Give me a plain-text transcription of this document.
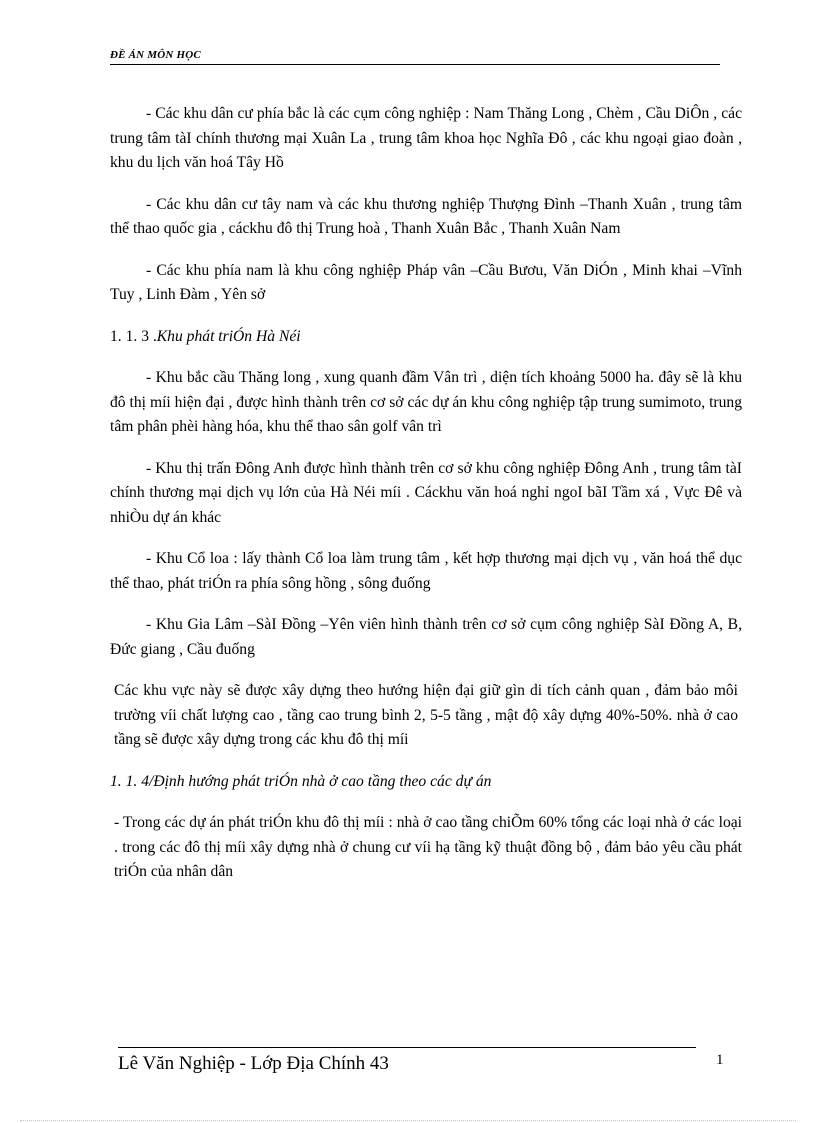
ĐỀ ÁN MÔN HỌC

- Các khu dân cư phía bắc là các cụm công nghiệp : Nam Thăng Long , Chèm , Cầu DiÔn , các trung tâm tàI chính thương mại Xuân La , trung tâm khoa học Nghĩa Đô , các khu ngoại giao đoàn , khu du lịch văn hoá Tây Hồ

- Các khu dân cư tây nam và các khu thương nghiệp Thượng Đình –Thanh Xuân , trung tâm thể thao quốc gia , cáckhu đô thị Trung hoà , Thanh Xuân Bắc , Thanh Xuân Nam

- Các khu phía nam là khu công nghiệp Pháp vân –Cầu Bươu, Văn DiÓn , Minh khai –Vĩnh Tuy , Linh Đàm , Yên sở

1. 1. 3 .Khu phát triÓn Hà Néi

- Khu bắc cầu Thăng long , xung quanh đầm Vân trì , diện tích khoảng 5000 ha. đây sẽ là khu đô thị míi hiện đại , được hình thành trên cơ sở các dự án khu công nghiệp tập trung sumimoto, trung tâm phân phèi hàng hóa, khu thể thao sân golf vân trì

- Khu thị trấn Đông Anh được hình thành trên cơ sở khu công nghiệp Đông Anh , trung tâm tàI chính thương mại dịch vụ lớn của Hà Néi míi . Cáckhu văn hoá nghỉ ngoI bãI Tầm xá , Vực Đê và nhiÒu dự án khác

- Khu Cổ loa : lấy thành Cổ loa làm trung tâm , kết hợp thương mại dịch vụ , văn hoá thể dục thể thao, phát triÓn ra phía sông hồng , sông đuống

- Khu Gia Lâm –SàI Đồng –Yên viên hình thành trên cơ sở cụm công nghiệp SàI Đồng A, B, Đức giang , Cầu đuống

Các khu vực này sẽ được xây dựng theo hướng hiện đại giữ gìn di tích cảnh quan , đảm bảo môi trường víi chất lượng cao , tầng cao trung bình 2, 5-5 tầng , mật độ xây dựng 40%-50%. nhà ở cao tầng sẽ được xây dựng trong các khu đô thị míi

1. 1. 4/Định hướng phát triÓn nhà ở cao tầng theo các dự án

- Trong các dự án phát triÓn khu đô thị míi : nhà ở cao tầng chiÕm 60% tổng các loại nhà ở các loại . trong các đô thị míi xây dựng nhà ở chung cư víi hạ tầng kỹ thuật đồng bộ , đảm bảo yêu cầu phát triÓn của nhân dân

Lê Văn Nghiệp - Lớp Địa Chính 43	1
